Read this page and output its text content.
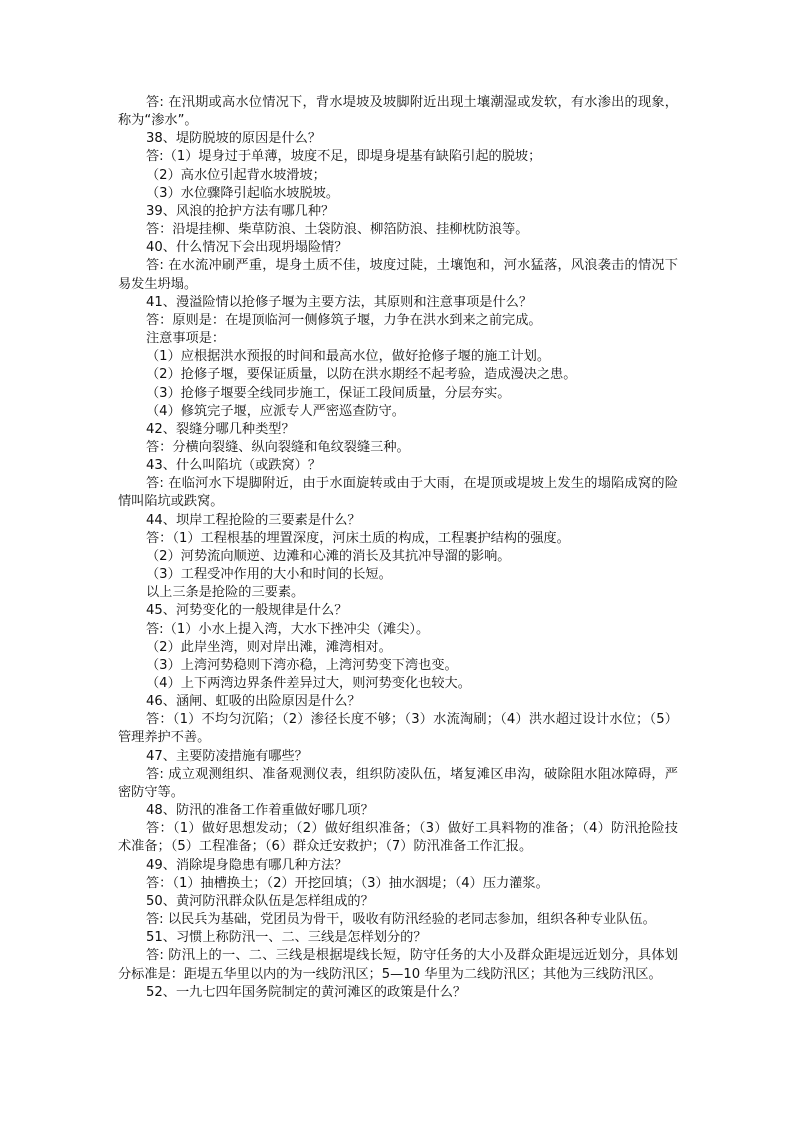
答: 在汛期或高水位情况下，背水堤坡及坡脚附近出现土壤潮湿或发软，有水渗出的现象，称为“渗水”。

38、堤防脱坡的原因是什么？

答:（1）堤身过于单薄，坡度不足，即堤身堤基有缺陷引起的脱坡；

（2）高水位引起背水坡滑坡；

（3）水位骤降引起临水坡脱坡。

39、风浪的抢护方法有哪几种？

答：沿堤挂柳、柴草防浪、土袋防浪、柳箔防浪、挂柳枕防浪等。

40、什么情况下会出现坍塌险情？

答: 在水流冲刷严重，堤身土质不佳，坡度过陡，土壤饱和，河水猛落，风浪袭击的情况下易发生坍塌。

41、漫溢险情以抢修子堰为主要方法，其原则和注意事项是什么？

答：原则是：在堤顶临河一侧修筑子堰，力争在洪水到来之前完成。

注意事项是：

（1）应根据洪水预报的时间和最高水位，做好抢修子堰的施工计划。

（2）抢修子堰，要保证质量，以防在洪水期经不起考验，造成漫决之患。

（3）抢修子堰要全线同步施工，保证工段间质量，分层夯实。

（4）修筑完子堰，应派专人严密巡查防守。

42、裂缝分哪几种类型？

答：分横向裂缝、纵向裂缝和龟纹裂缝三种。

43、什么叫陷坑（或跌窝）？

答: 在临河水下堤脚附近，由于水面旋转或由于大雨，在堤顶或堤坡上发生的塌陷成窝的险情叫陷坑或跌窝。

44、坝岸工程抢险的三要素是什么？

答：（1）工程根基的埋置深度，河床土质的构成，工程裹护结构的强度。

（2）河势流向顺逆、边滩和心滩的消长及其抗冲导溜的影响。

（3）工程受冲作用的大小和时间的长短。

以上三条是抢险的三要素。

45、河势变化的一般规律是什么？

答:（1）小水上提入湾，大水下挫冲尖（滩尖）。

（2）此岸坐湾，则对岸出滩，滩湾相对。

（3）上湾河势稳则下湾亦稳，上湾河势变下湾也变。

（4）上下两湾边界条件差异过大，则河势变化也较大。

46、涵闸、虹吸的出险原因是什么？

答：（1）不均匀沉陷；（2）渗径长度不够；（3）水流淘刷；（4）洪水超过设计水位；（5）管理养护不善。

47、主要防凌措施有哪些？

答: 成立观测组织、准备观测仪表，组织防凌队伍，堵复滩区串沟，破除阻水阻冰障碍，严密防守等。

48、防汛的准备工作着重做好哪几项？

答：（1）做好思想发动；（2）做好组织准备；（3）做好工具料物的准备；（4）防汛抢险技术准备；（5）工程准备；（6）群众迁安救护；（7）防汛准备工作汇报。

49、消除堤身隐患有哪几种方法？

答：（1）抽槽换土；（2）开挖回填；（3）抽水洇堤；（4）压力灌浆。

50、黄河防汛群众队伍是怎样组成的？

答: 以民兵为基础，党团员为骨干，吸收有防汛经验的老同志参加，组织各种专业队伍。

51、习惯上称防汛一、二、三线是怎样划分的？

答: 防汛上的一、二、三线是根据堤线长短，防守任务的大小及群众距堤远近划分，具体划分标准是：距堤五华里以内的为一线防汛区；5—10 华里为二线防汛区；其他为三线防汛区。

52、一九七四年国务院制定的黄河滩区的政策是什么？
